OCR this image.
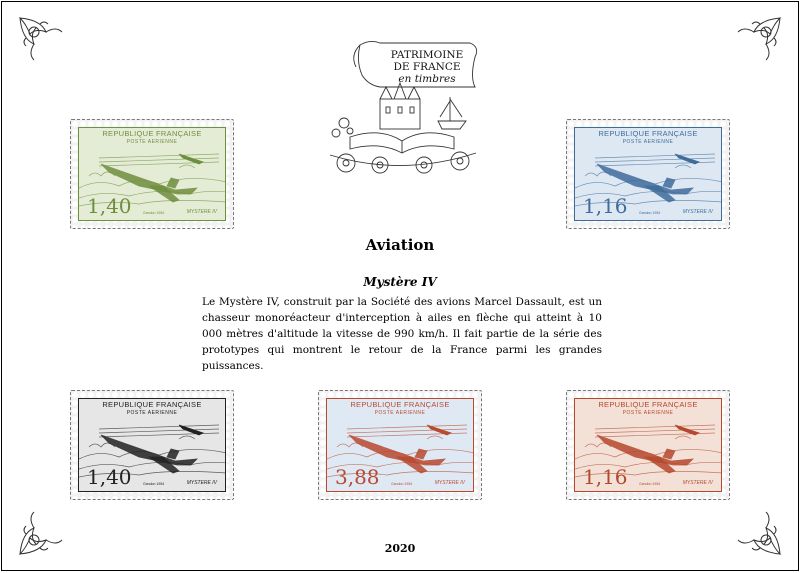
PATRIMOINE
DE FRANCE
en timbres
REPUBLIQUE FRANÇAISE
POSTE AERIENNE
1,40	Gandon 1954	MYSTERE IV
REPUBLIQUE FRANÇAISE
POSTE AERIENNE
1,16	Gandon 1954	MYSTERE IV
REPUBLIQUE FRANÇAISE
POSTE AERIENNE
1,40	Gandon 1954	MYSTERE IV
REPUBLIQUE FRANÇAISE
POSTE AERIENNE
3,88	Gandon 1954	MYSTERE IV
REPUBLIQUE FRANÇAISE
POSTE AERIENNE
1,16	Gandon 1954	MYSTERE IV
Aviation
Mystère IV
Le Mystère IV, construit par la Société des avions Marcel Dassault, est un chasseur monoréacteur d'interception à ailes en flèche qui atteint à 10 000 mètres d'altitude la vitesse de 990 km/h. Il fait partie de la série des prototypes qui montrent le retour de la France parmi les grandes puissances.
2020
